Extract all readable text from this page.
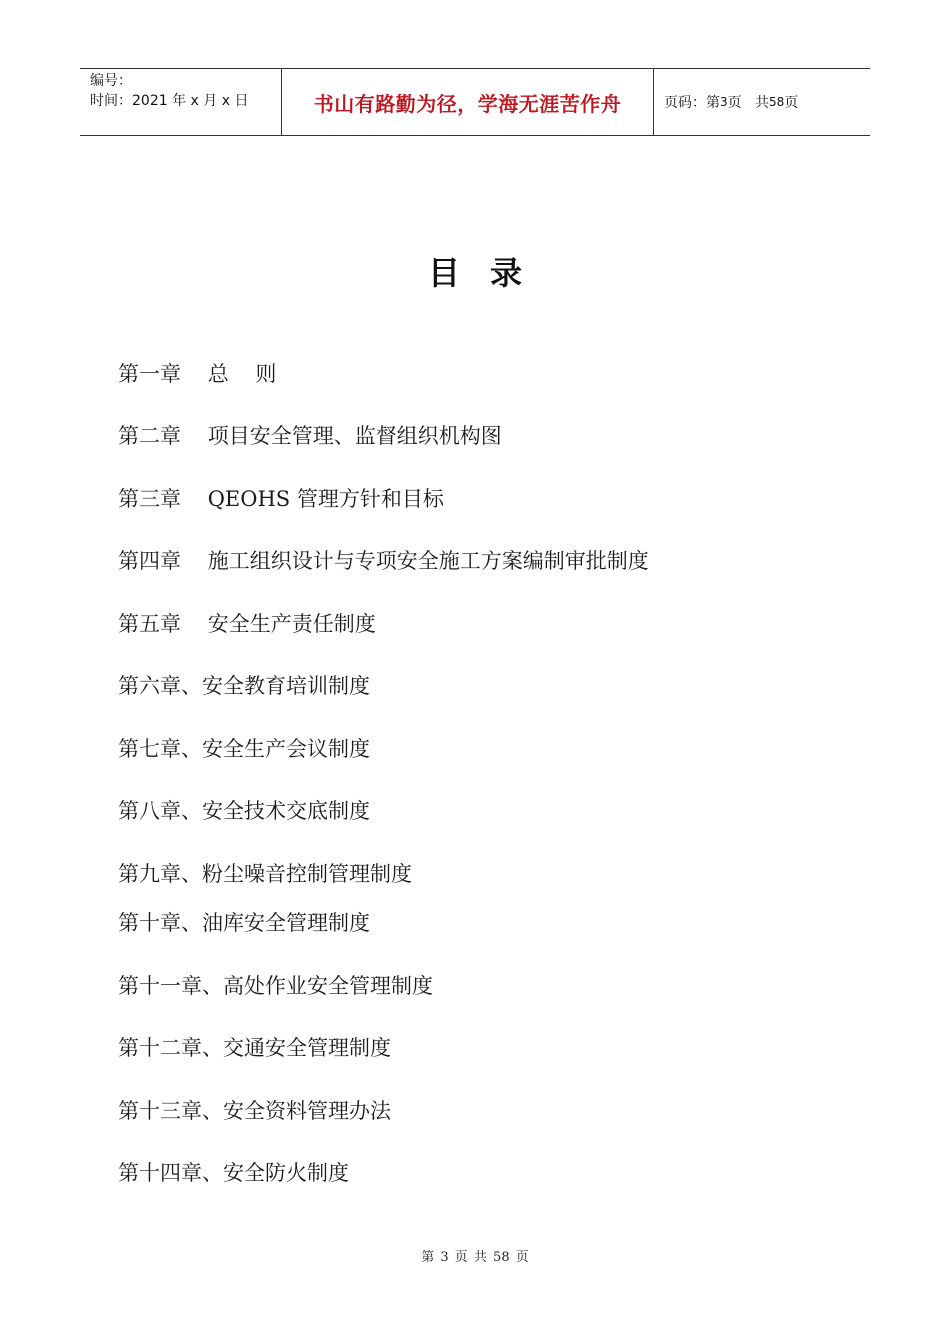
编号：
时间：2021 年 x 月 x 日	书山有路勤为径，学海无涯苦作舟	页码：第 3 页   共 58 页
目录
第一章    总    则
第二章    项目安全管理、监督组织机构图
第三章    QEOHS 管理方针和目标
第四章    施工组织设计与专项安全施工方案编制审批制度
第五章    安全生产责任制度
第六章、安全教育培训制度
第七章、安全生产会议制度
第八章、安全技术交底制度
第九章、粉尘噪音控制管理制度
第十章、油库安全管理制度
第十一章、高处作业安全管理制度
第十二章、交通安全管理制度
第十三章、安全资料管理办法
第十四章、安全防火制度
第 3 页 共 58 页
